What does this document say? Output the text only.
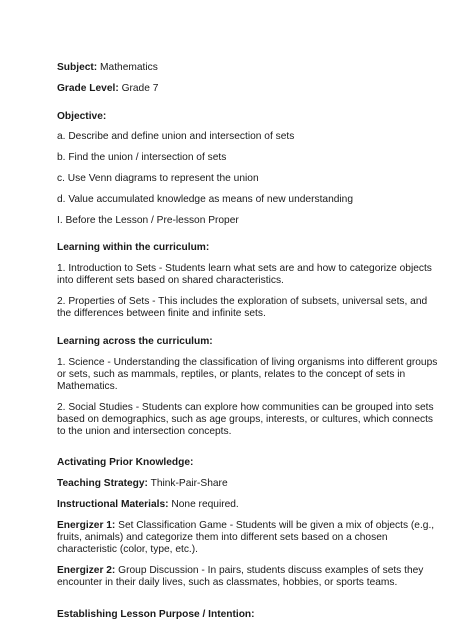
Subject: Mathematics
Grade Level: Grade 7
Objective:
a. Describe and define union and intersection of sets
b. Find the union / intersection of sets
c. Use Venn diagrams to represent the union
d. Value accumulated knowledge as means of new understanding
I. Before the Lesson / Pre-lesson Proper
Learning within the curriculum:
1. Introduction to Sets - Students learn what sets are and how to categorize objects
into different sets based on shared characteristics.
2. Properties of Sets - This includes the exploration of subsets, universal sets, and
the differences between finite and infinite sets.
Learning across the curriculum:
1. Science - Understanding the classification of living organisms into different groups
or sets, such as mammals, reptiles, or plants, relates to the concept of sets in
Mathematics.
2. Social Studies - Students can explore how communities can be grouped into sets
based on demographics, such as age groups, interests, or cultures, which connects
to the union and intersection concepts.
Activating Prior Knowledge:
Teaching Strategy: Think-Pair-Share
Instructional Materials: None required.
Energizer 1: Set Classification Game - Students will be given a mix of objects (e.g.,
fruits, animals) and categorize them into different sets based on a chosen
characteristic (color, type, etc.).
Energizer 2: Group Discussion - In pairs, students discuss examples of sets they
encounter in their daily lives, such as classmates, hobbies, or sports teams.
Establishing Lesson Purpose / Intention:
